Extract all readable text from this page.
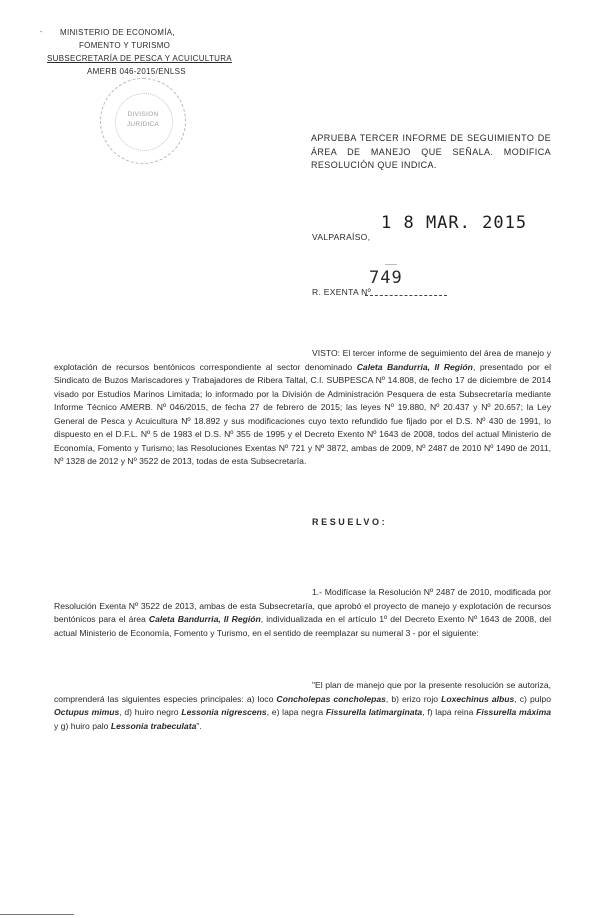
- MINISTERIO DE ECONOMÍA,
FOMENTO Y TURISMO
SUBSECRETARÍA DE PESCA Y ACUICULTURA
AMERB 046-2015/ENLSS
DIVISION
JURIDICA
APRUEBA TERCER INFORME DE SEGUIMIENTO DE ÁREA DE MANEJO QUE SEÑALA. MODIFICA RESOLUCIÓN QUE INDICA.
VALPARAÍSO,
1 8 MAR. 2015
R. EXENTA Nº
749
VISTO: El tercer informe de seguimiento del área de manejo y explotación de recursos bentónicos correspondiente al sector denominado Caleta Bandurria, II Región, presentado por el Sindicato de Buzos Mariscadores y Trabajadores de Ribera Taltal, C.I. SUBPESCA Nº 14.808, de fecho 17 de diciembre de 2014 visado por Estudios Marinos Limitada; lo informado por la División de Administración Pesquera de esta Subsecretaría mediante Informe Técnico AMERB. Nº 046/2015, de fecha 27 de febrero de 2015; las leyes Nº 19.880, Nº 20.437 y Nº 20.657; la Ley General de Pesca y Acuicultura Nº 18.892 y sus modificaciones cuyo texto refundido fue fijado por el D.S. Nº 430 de 1991, lo dispuesto en el D.F.L. Nº 5 de 1983 el D.S. Nº 355 de 1995 y el Decreto Exento Nº 1643 de 2008, todos del actual Ministerio de Economía, Fomento y Turismo; las Resoluciones Exentas Nº 721 y Nº 3872, ambas de 2009, Nº 2487 de 2010 Nº 1490 de 2011, Nº 1328 de 2012 y Nº 3522 de 2013, todas de esta Subsecretaría.
RESUELVO:
1.- Modifícase la Resolución Nº 2487 de 2010, modificada por Resolución Exenta Nº 3522 de 2013, ambas de esta Subsecretaría, que aprobó el proyecto de manejo y explotación de recursos bentónicos para el área Caleta Bandurria, II Región, individualizada en el artículo 1º del Decreto Exento Nº 1643 de 2008, del actual Ministerio de Economía, Fomento y Turismo, en el sentido de reemplazar su numeral 3 - por el siguiente:
"El plan de manejo que por la presente resolución se autoriza, comprenderá las siguientes especies principales: a) loco Concholepas concholepas, b) erizo rojo Loxechinus albus, c) pulpo Octupus mimus, d) huiro negro Lessonia nigrescens, e) lapa negra Fissurella latimarginata, f) lapa reina Fissurella máxima y g) huiro palo Lessonia trabeculata".
